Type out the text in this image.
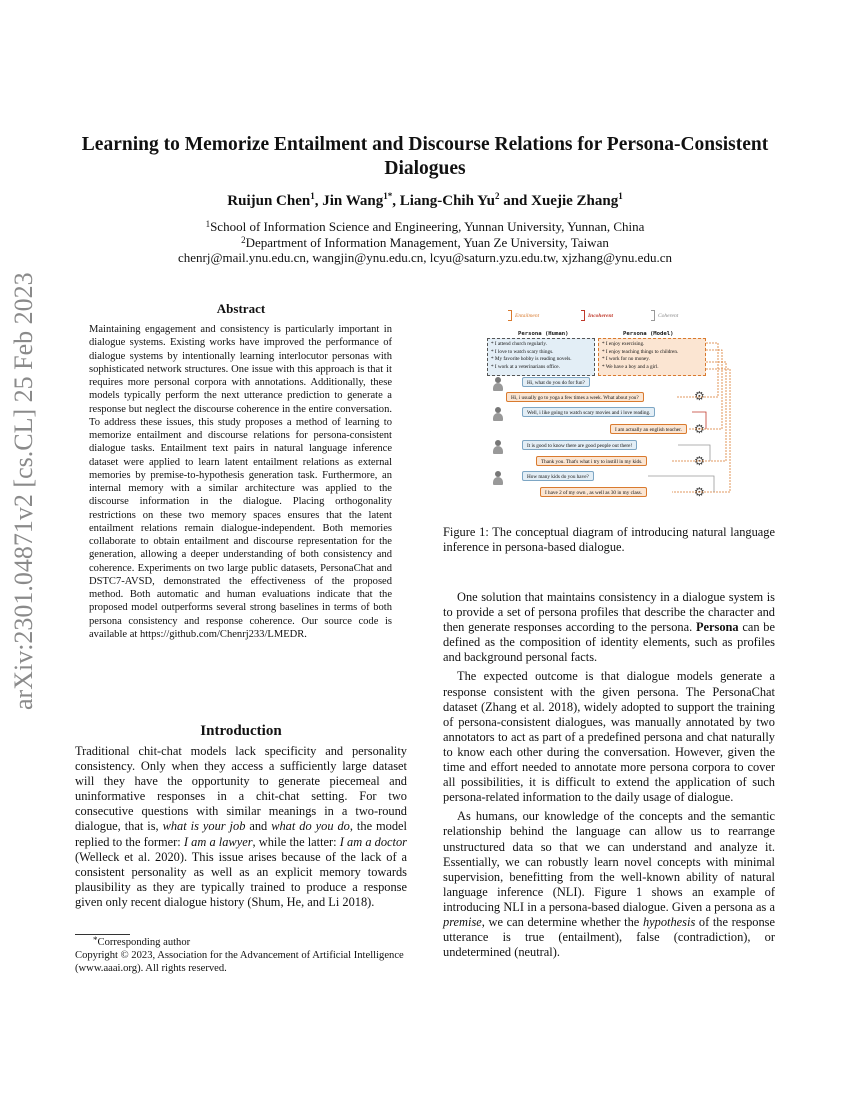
arXiv:2301.04871v2 [cs.CL] 25 Feb 2023
Learning to Memorize Entailment and Discourse Relations for Persona-Consistent Dialogues
Ruijun Chen$^1$, Jin Wang$^{1*}$, Liang-Chih Yu$^2$ and Xuejie Zhang$^1$
$^1$School of Information Science and Engineering, Yunnan University, Yunnan, China
$^2$Department of Information Management, Yuan Ze University, Taiwan
chenrj@mail.ynu.edu.cn, wangjin@ynu.edu.cn, lcyu@saturn.yzu.edu.tw, xjzhang@ynu.edu.cn
Abstract
Maintaining engagement and consistency is particularly important in dialogue systems. Existing works have improved the performance of dialogue systems by intentionally learning interlocutor personas with sophisticated network structures. One issue with this approach is that it requires more personal corpora with annotations. Additionally, these models typically perform the next utterance prediction to generate a response but neglect the discourse coherence in the entire conversation. To address these issues, this study proposes a method of learning to memorize entailment and discourse relations for persona-consistent dialogue tasks. Entailment text pairs in natural language inference dataset were applied to learn latent entailment relations as external memories by premise-to-hypothesis generation task. Furthermore, an internal memory with a similar architecture was applied to the discourse information in the dialogue. Placing orthogonality restrictions on these two memory spaces ensures that the latent entailment relations remain dialogue-independent. Both memories collaborate to obtain entailment and discourse representation for the generation, allowing a deeper understanding of both consistency and coherence. Experiments on two large public datasets, PersonaChat and DSTC7-AVSD, demonstrated the effectiveness of the proposed method. Both automatic and human evaluations indicate that the proposed model outperforms several strong baselines in terms of both persona consistency and response coherence. Our source code is available at https://github.com/Chenrj233/LMEDR.
Introduction

Traditional chit-chat models lack specificity and personality consistency. Only when they access a sufficiently large dataset will they have the opportunity to generate piecemeal and uninformative responses in a chit-chat setting. For two consecutive questions with similar meanings in a two-round dialogue, that is, what is your job and what do you do, the model replied to the former: I am a lawyer, while the latter: I am a doctor (Welleck et al. 2020). This issue arises because of the lack of a consistent personality as well as an explicit memory towards plausibility as they are typically trained to produce a response given only recent dialogue history (Shum, He, and Li 2018).

*Corresponding author
Copyright © 2023, Association for the Advancement of Artificial Intelligence (www.aaai.org). All rights reserved.
Entailment	Incoherent	Coherent
Persona (Human)	Persona (Model)
* I attend church regularly.
* I love to watch scary things.
* My favorite hobby is reading novels.
* I work at a veterinarians office.
* I enjoy exercising.
* I enjoy teaching things to children.
* I work for no money.
* We have a boy and a girl.
⚙
⚙
⚙
⚙
Hi, what do you do for fun?
Hi, i usually go to yoga a few times a week. What about you?
Well, i like going to watch scary movies and i love reading.
I am actually an english teacher.
It is good to know there are good people out there!
Thank you. That's what i try to instill in my kids.
How many kids do you have?
I have 2 of my own , as well as 30 in my class.
Figure 1: The conceptual diagram of introducing natural language inference in persona-based dialogue.

One solution that maintains consistency in a dialogue system is to provide a set of persona profiles that describe the character and then generate responses according to the persona. Persona can be defined as the composition of identity elements, such as profiles and background personal facts.

The expected outcome is that dialogue models generate a response consistent with the given persona. The PersonaChat dataset (Zhang et al. 2018), widely adopted to support the training of persona-consistent dialogues, was manually annotated by two annotators to act as part of a predefined persona and chat naturally to know each other during the conversation. However, given the time and effort needed to annotate more persona corpora to cover all possibilities, it is difficult to extend the application of such persona-related information to the daily usage of dialogue.

As humans, our knowledge of the concepts and the semantic relationship behind the language can allow us to rearrange unstructured data so that we can understand and analyze it. Essentially, we can robustly learn novel concepts with minimal supervision, benefitting from the well-known ability of natural language inference (NLI). Figure 1 shows an example of introducing NLI in a persona-based dialogue. Given a persona as a premise, we can determine whether the hypothesis of the response utterance is true (entailment), false (contradiction), or undetermined (neutral).
